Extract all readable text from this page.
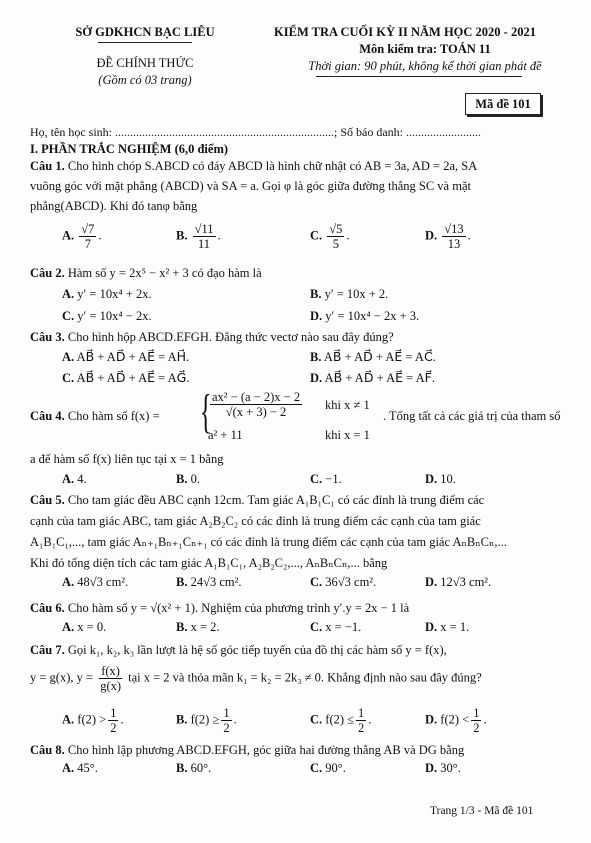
SỞ GDKHCN BẠC LIÊU
ĐỀ CHÍNH THỨC
(Gồm có 03 trang)
KIỂM TRA CUỐI KỲ II NĂM HỌC 2020 - 2021
Môn kiểm tra: TOÁN 11
Thời gian: 90 phút, không kể thời gian phát đề
Mã đề 101
Họ, tên học sinh: .........................................................................; Số báo danh: .........................
I. PHẦN TRẮC NGHIỆM (6,0 điểm)
Câu 1. Cho hình chóp S.ABCD có đáy ABCD là hình chữ nhật có AB = 3a, AD = 2a, SA
vuông góc với mặt phẳng (ABCD) và SA = a. Gọi φ là góc giữa đường thẳng SC và mặt
phẳng(ABCD). Khi đó tanφ bằng
A. $\frac{√7}{7}$ .	B. $\frac{√11}{11}$ .	C. $\frac{√5}{5}$ .	D. $\frac{√13}{13}$ .
Câu 2. Hàm số y = 2x⁵ − x² + 3 có đạo hàm là
A. y′ = 10x⁴ + 2x.	B. y′ = 10x + 2.
C. y′ = 10x⁴ − 2x.	D. y′ = 10x⁴ − 2x + 3.
Câu 3. Cho hình hộp ABCD.EFGH. Đẳng thức vectơ nào sau đây đúng?
A. AB⃗ + AD⃗ + AE⃗ = AH⃗.	B. AB⃗ + AD⃗ + AE⃗ = AC⃗.
C. AB⃗ + AD⃗ + AE⃗ = AG⃗.	D. AB⃗ + AD⃗ + AE⃗ = AF⃗.
Câu 4. Cho hàm số f(x) = {
$\frac{\text{ax² − (a − 2)x − 2}}{√(x + 3) - 2}$ khi x ≠ 1
a² + 11	khi x = 1
. Tổng tất cả các giá trị của tham số
a để hàm số f(x) liên tục tại x = 1 bằng
A. 4.	B. 0.	C. −1.	D. 10.
Câu 5. Cho tam giác đều ABC cạnh 12cm. Tam giác A₁B₁C₁ có các đỉnh là trung điểm các
cạnh của tam giác ABC, tam giác A₂B₂C₂ có các đỉnh là trung điểm các cạnh của tam giác
A₁B₁C₁,..., tam giác Aₙ₊₁Bₙ₊₁Cₙ₊₁ có các đỉnh là trung điểm các cạnh của tam giác AₙBₙCₙ,...
Khi đó tổng diện tích các tam giác A₁B₁C₁, A₂B₂C₂,..., AₙBₙCₙ,... bằng
A. 48√3 cm².	B. 24√3 cm².	C. 36√3 cm².	D. 12√3 cm².
Câu 6. Cho hàm số y = √(x² + 1). Nghiệm của phương trình y′.y = 2x − 1 là
A. x = 0.	B. x = 2.	C. x = −1.	D. x = 1.
Câu 7. Gọi k₁, k₂, k₃ lần lượt là hệ số góc tiếp tuyến của đồ thị các hàm số y = f(x),
y = g(x), $y = \frac{f(x)}{g(x)}$ tại x = 2 và thỏa mãn k₁ = k₂ = 2k₃ ≠ 0. Khẳng định nào sau đây đúng?
A. $f(2) > \frac{1}{2}$ .	B. $f(2) \ge \frac{1}{2}$ .	C. $f(2) \le \frac{1}{2}$ .	D. $f(2) < \frac{1}{2}$ .
Câu 8. Cho hình lập phương ABCD.EFGH, góc giữa hai đường thẳng AB và DG bằng
A. 45°.	B. 60°.	C. 90°.	D. 30°.
Trang 1/3 - Mã đề 101
